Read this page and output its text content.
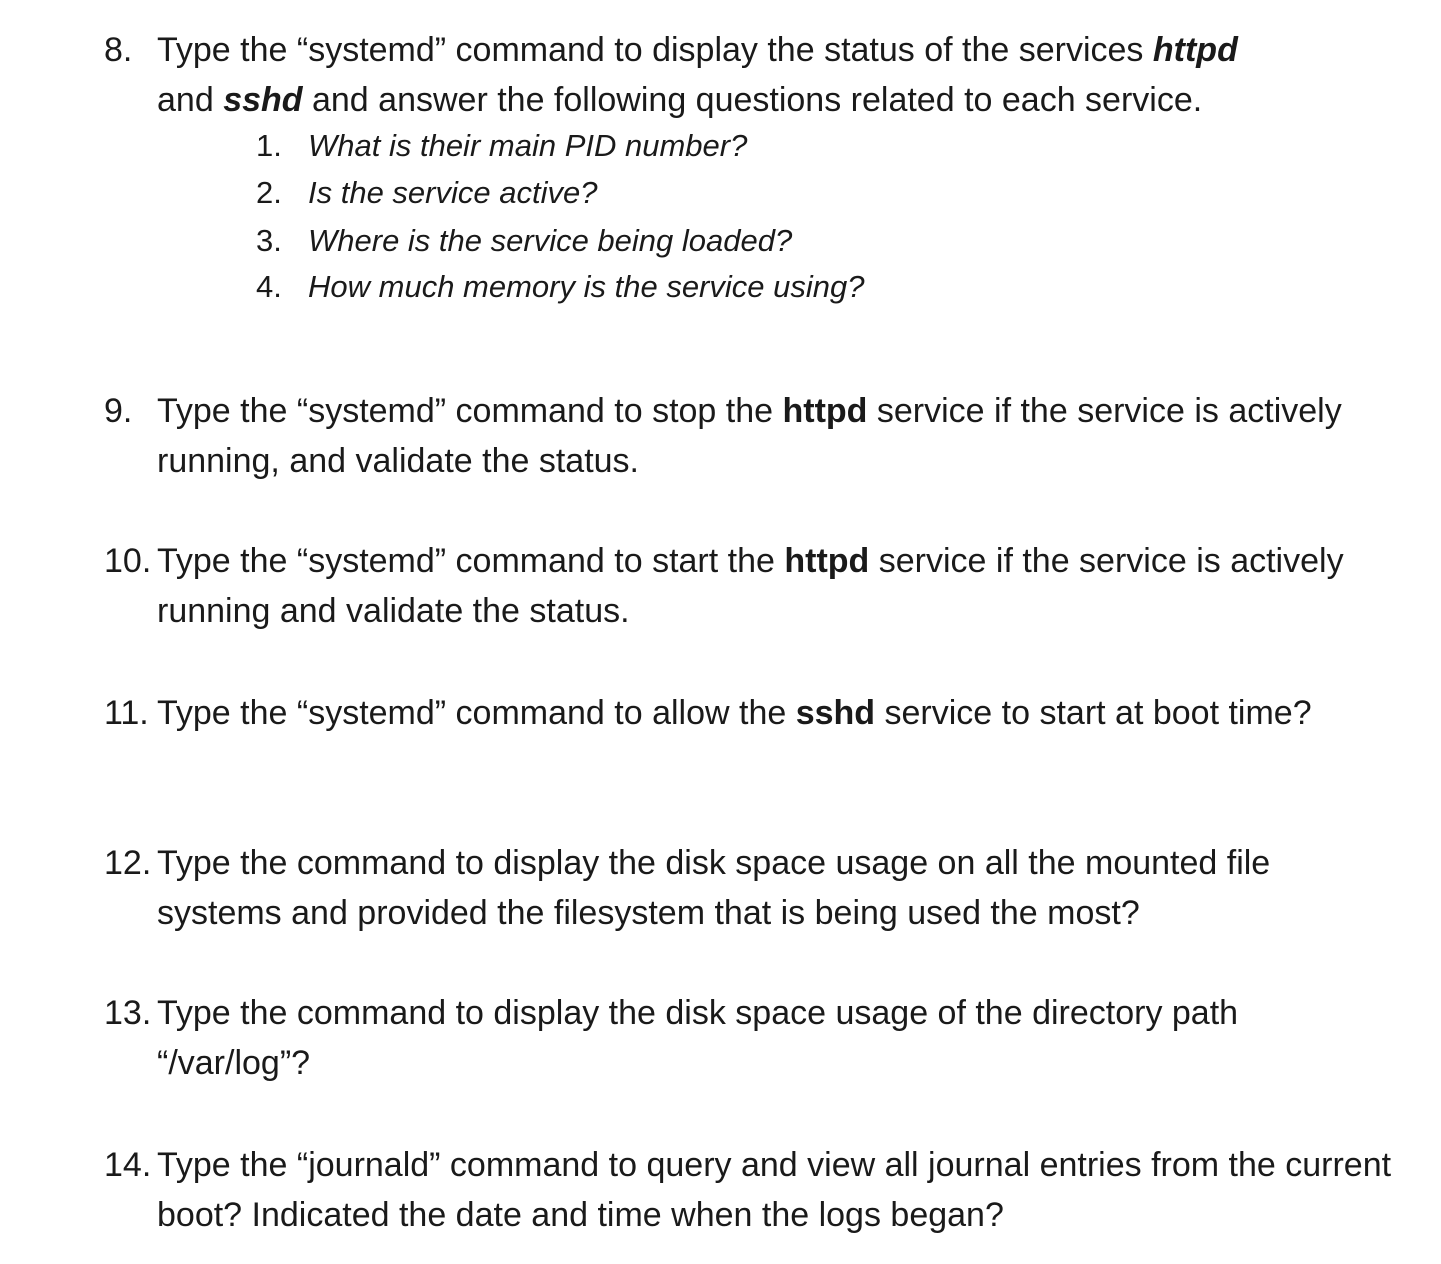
8. Type the “systemd” command to display the status of the services httpd
and sshd and answer the following questions related to each service.
1. What is their main PID number?
2. Is the service active?
3. Where is the service being loaded?
4. How much memory is the service using?
9. Type the “systemd” command to stop the httpd service if the service is actively running, and validate the status.
10. Type the “systemd” command to start the httpd service if the service is actively running and validate the status.
11. Type the “systemd” command to allow the sshd service to start at boot time?
12. Type the command to display the disk space usage on all the mounted file systems and provided the filesystem that is being used the most?
13. Type the command to display the disk space usage of the directory path “/var/log”?
14. Type the “journald” command to query and view all journal entries from the current boot? Indicated the date and time when the logs began?
